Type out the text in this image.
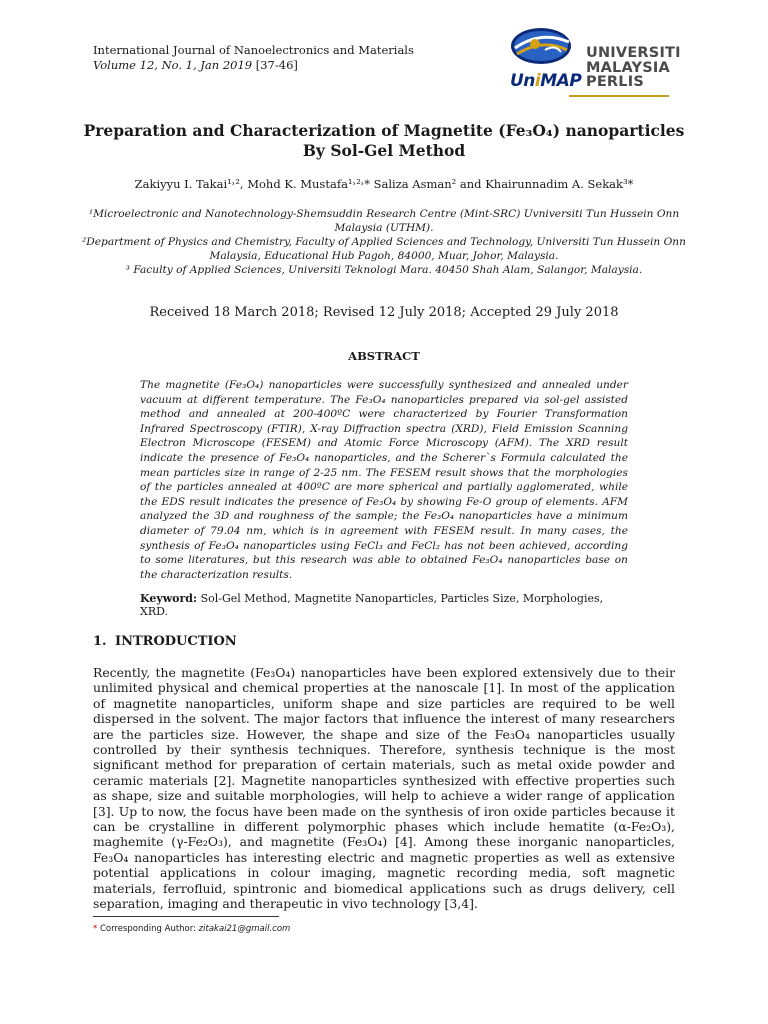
International Journal of Nanoelectronics and Materials
Volume 12, No. 1, Jan 2019 [37-46]
UniMAP
UNIVERSITI
MALAYSIA
PERLIS
Preparation and Characterization of Magnetite (Fe₃O₄) nanoparticles
By Sol-Gel Method
Zakiyyu I. Takai¹˒², Mohd K. Mustafa¹˒²˒* Saliza Asman² and Khairunnadim A. Sekak³*
¹Microelectronic and Nanotechnology-Shemsuddin Research Centre (Mint-SRC) Uvniversiti Tun Hussein Onn Malaysia (UTHM).
²Department of Physics and Chemistry, Faculty of Applied Sciences and Technology, Universiti Tun Hussein Onn Malaysia, Educational Hub Pagoh, 84000, Muar, Johor, Malaysia.
³ Faculty of Applied Sciences, Universiti Teknologi Mara. 40450 Shah Alam, Salangor, Malaysia.
Received 18 March 2018; Revised 12 July 2018; Accepted 29 July 2018
ABSTRACT
The magnetite (Fe₃O₄) nanoparticles were successfully synthesized and annealed under vacuum at different temperature. The Fe₃O₄ nanoparticles prepared via sol-gel assisted method and annealed at 200-400ºC were characterized by Fourier Transformation Infrared Spectroscopy (FTIR), X-ray Diffraction spectra (XRD), Field Emission Scanning Electron Microscope (FESEM) and Atomic Force Microscopy (AFM). The XRD result indicate the presence of Fe₃O₄ nanoparticles, and the Scherer`s Formula calculated the mean particles size in range of 2-25 nm. The FESEM result shows that the morphologies of the particles annealed at 400ºC are more spherical and partially agglomerated, while the EDS result indicates the presence of Fe₃O₄ by showing Fe-O group of elements. AFM analyzed the 3D and roughness of the sample; the Fe₃O₄ nanoparticles have a minimum diameter of 79.04 nm, which is in agreement with FESEM result. In many cases, the synthesis of Fe₃O₄ nanoparticles using FeCl₃ and FeCl₂ has not been achieved, according to some literatures, but this research was able to obtained Fe₃O₄ nanoparticles base on the characterization results.
Keyword: Sol-Gel Method, Magnetite Nanoparticles, Particles Size, Morphologies, XRD.
1. INTRODUCTION
Recently, the magnetite (Fe₃O₄) nanoparticles have been explored extensively due to their unlimited physical and chemical properties at the nanoscale [1]. In most of the application of magnetite nanoparticles, uniform shape and size particles are required to be well dispersed in the solvent. The major factors that influence the interest of many researchers are the particles size. However, the shape and size of the Fe₃O₄ nanoparticles usually controlled by their synthesis techniques. Therefore, synthesis technique is the most significant method for preparation of certain materials, such as metal oxide powder and ceramic materials [2]. Magnetite nanoparticles synthesized with effective properties such as shape, size and suitable morphologies, will help to achieve a wider range of application [3]. Up to now, the focus have been made on the synthesis of iron oxide particles because it can be crystalline in different polymorphic phases which include hematite (α-Fe₂O₃), maghemite (γ-Fe₂O₃), and magnetite (Fe₃O₄) [4]. Among these inorganic nanoparticles, Fe₃O₄ nanoparticles has interesting electric and magnetic properties as well as extensive potential applications in colour imaging, magnetic recording media, soft magnetic materials, ferrofluid, spintronic and biomedical applications such as drugs delivery, cell separation, imaging and therapeutic in vivo technology [3,4].
* Corresponding Author: zitakai21@gmail.com
